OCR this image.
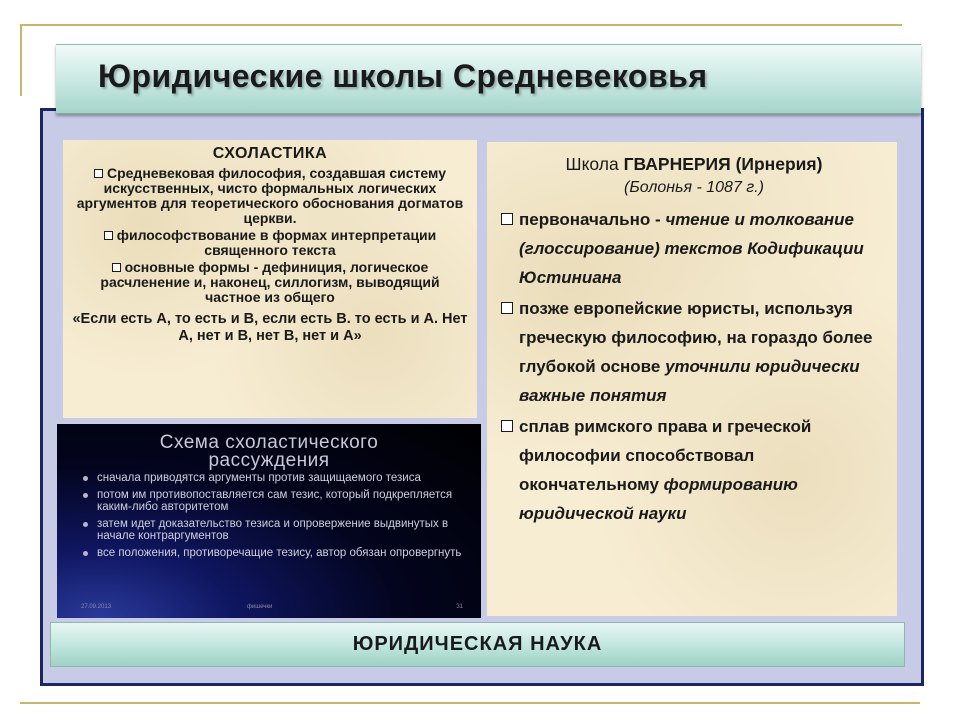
Юридические школы Средневековья
СХОЛАСТИКА
Средневековая философия, создавшая систему искусственных, чисто формальных логических аргументов для теоретического обоснования догматов церкви.
философствование в формах интерпретации священного текста
основные формы - дефиниция, логическое расчленение и, наконец, силлогизм, выводящий частное из общего
«Если есть А, то есть и В, если есть В. то есть и А. Нет А, нет и В, нет В, нет и А»
Схема схоластического
рассуждения
сначала приводятся аргументы против защищаемого тезиса
потом им противопоставляется сам тезис, который подкрепляется каким-либо авторитетом
затем идет доказательство тезиса и опровержение выдвинутых в начале контраргументов
все положения, противоречащие тезису, автор обязан опровергнуть
27.09.2013	фишечки	31
Школа ГВАРНЕРИЯ (Ирнерия)
(Болонья - 1087 г.)
первоначально - чтение и толкование (глоссирование) текстов Кодификации Юстиниана
позже европейские юристы, используя греческую философию, на гораздо более глубокой основе уточнили юридически важные понятия
сплав римского права и греческой философии способствовал окончательному формированию юридической науки
ЮРИДИЧЕСКАЯ НАУКА
